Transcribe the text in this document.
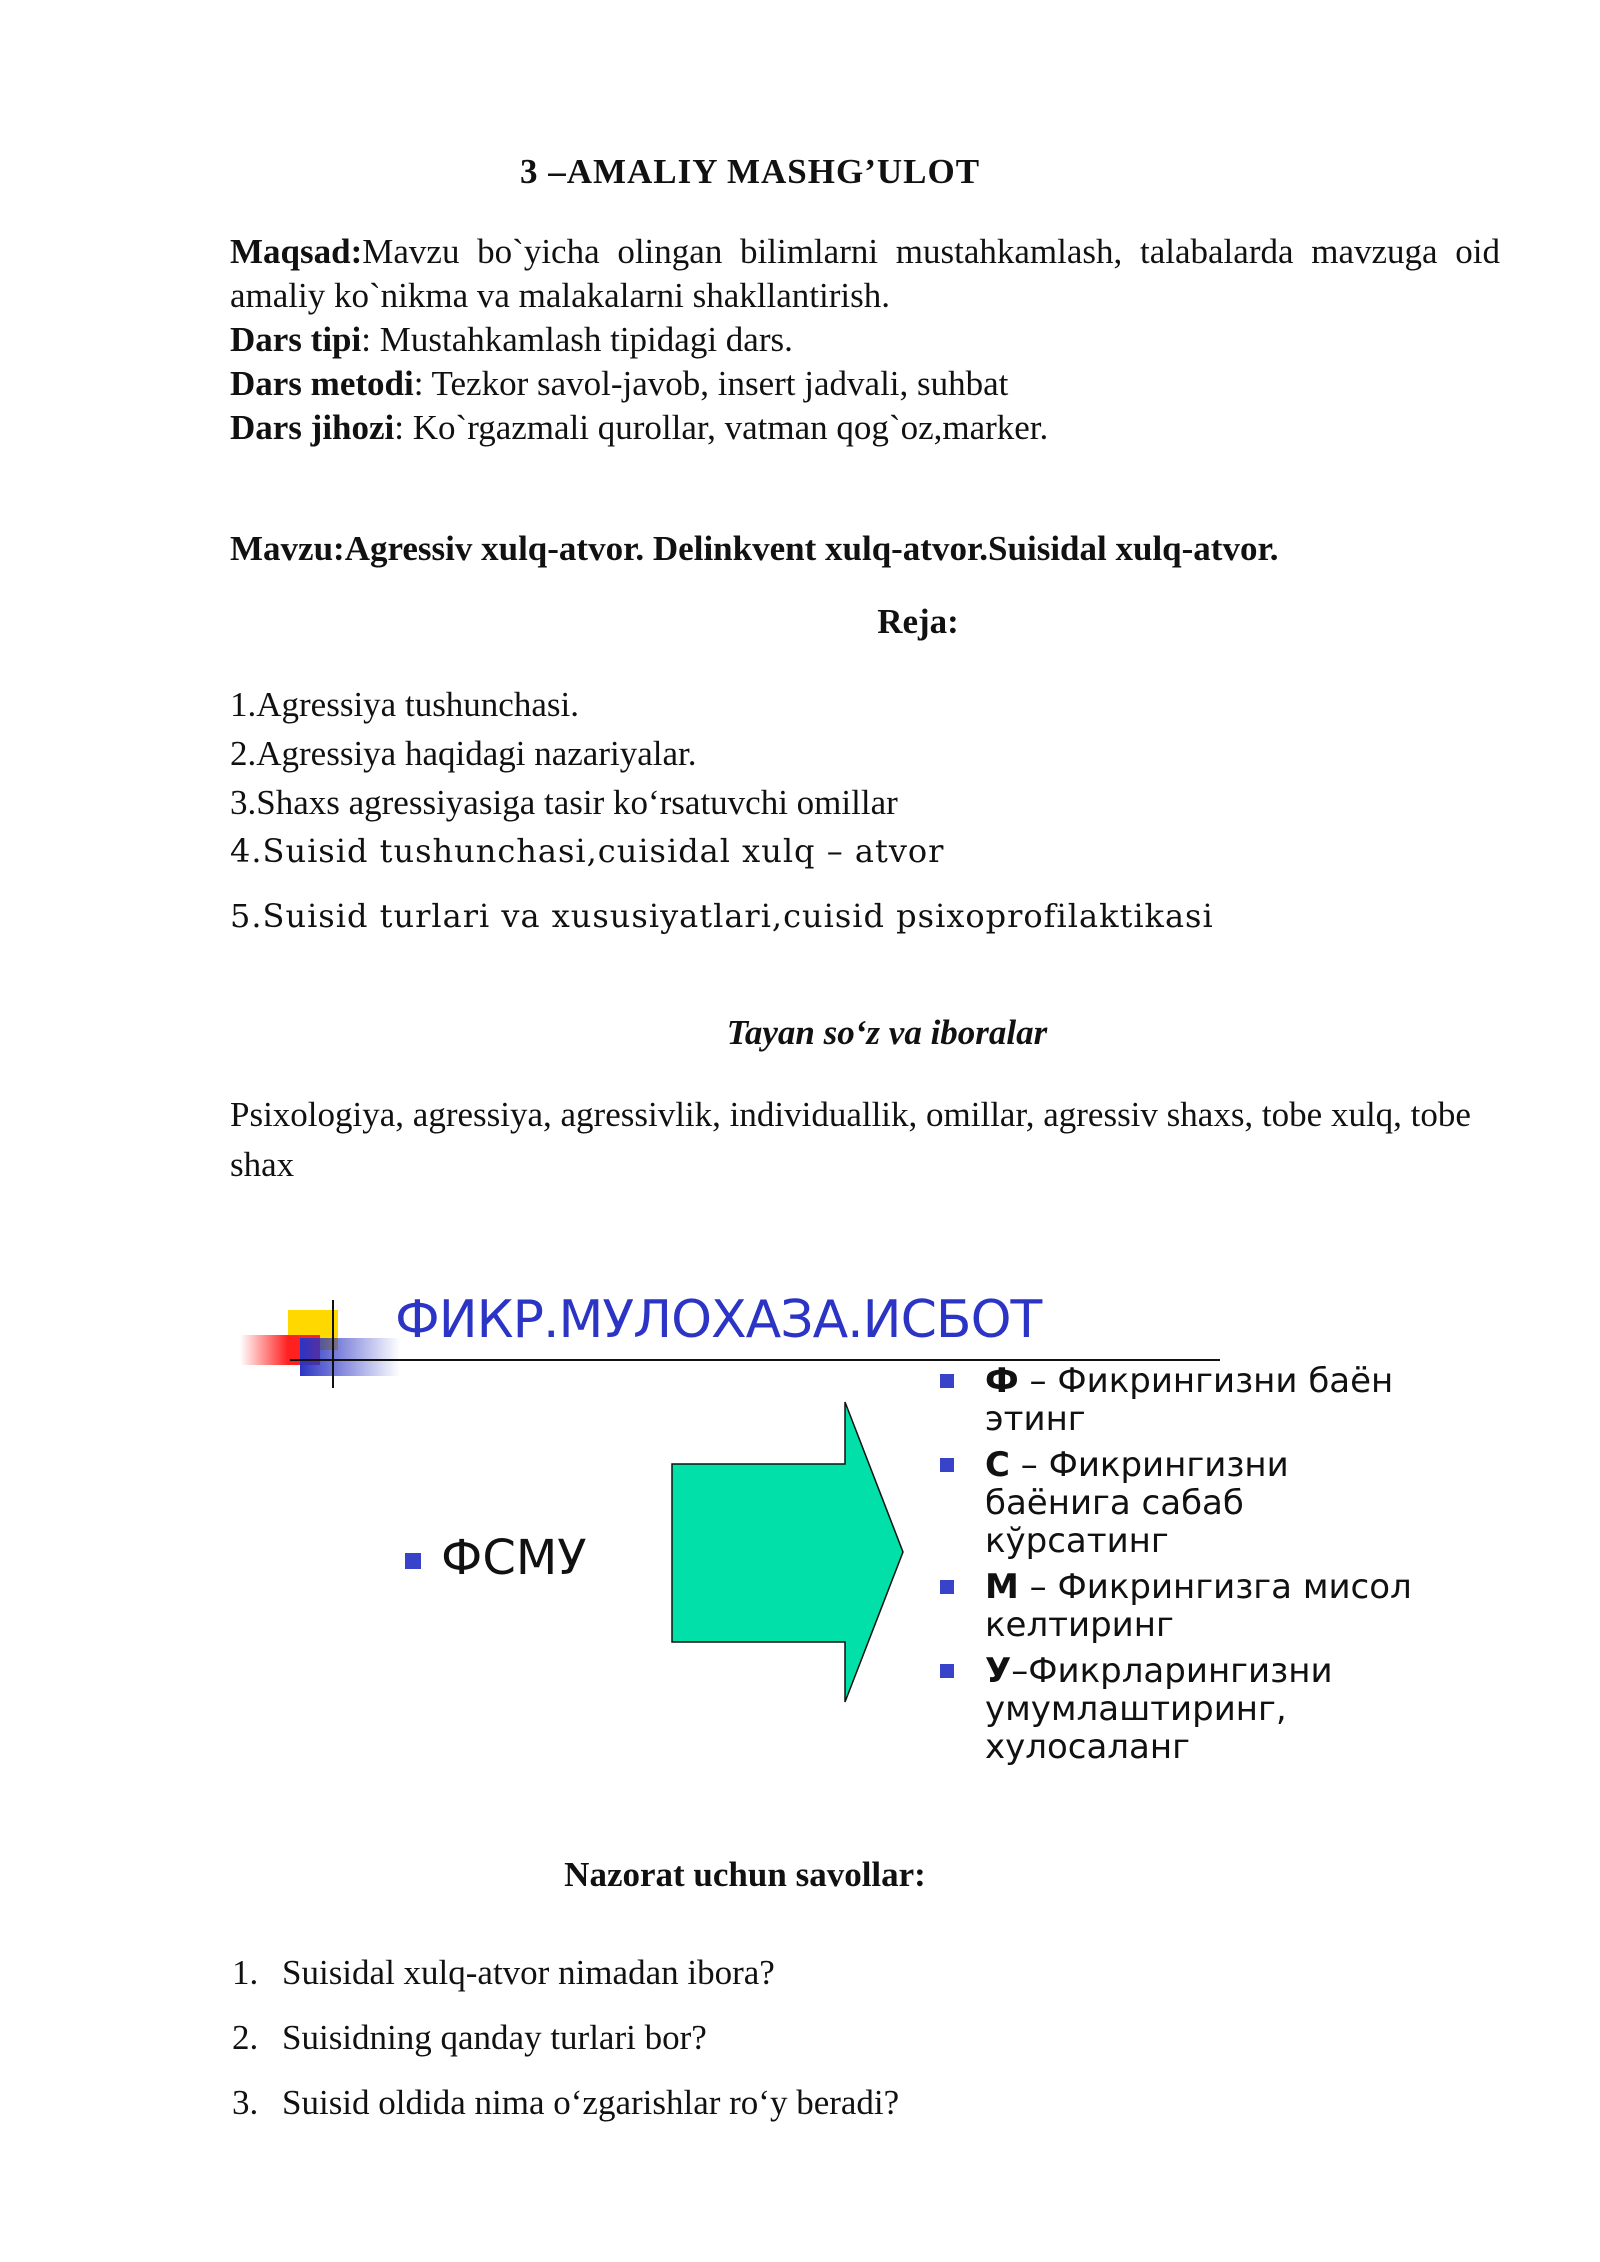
3 –AMALIY MASHG’ULOT
Maqsad:Mavzu bo`yicha olingan bilimlarni mustahkamlash, talabalarda mavzuga oid amaliy ko`nikma va malakalarni shakllantirish.
Dars tipi: Mustahkamlash tipidagi dars.
Dars metodi: Tezkor savol-javob, insert jadvali, suhbat
Dars jihozi: Ko`rgazmali qurollar, vatman qog`oz,marker.
Mavzu:Agressiv xulq-atvor. Delinkvent xulq-atvor.Suisidal xulq-atvor.
Reja:
1.Agressiya tushunchasi.
2.Agressiya haqidagi nazariyalar.
3.Shaxs agressiyasiga tasir ko‘rsatuvchi omillar
4.Suisid tushunchasi,cuisidal xulq – atvor
5.Suisid turlari va xususiyatlari,cuisid psixoprofilaktikasi
Tayan so‘z va iboralar
Psixologiya, agressiya, agressivlik, individuallik, omillar, agressiv shaxs, tobe xulq, tobe shax
ФИКР.МУЛОХАЗА.ИСБОТ
ФСМУ
Ф – Фикрингизни баён этинг
С – Фикрингизни баёнига сабаб кўрсатинг
М – Фикрингизга мисол келтиринг
У–Фикрларингизни умумлаштиринг, хулосаланг
Nazorat uchun savollar:
1. Suisidal xulq-atvor nimadan ibora?
2. Suisidning qanday turlari bor?
3. Suisid oldida nima o‘zgarishlar ro‘y beradi?
